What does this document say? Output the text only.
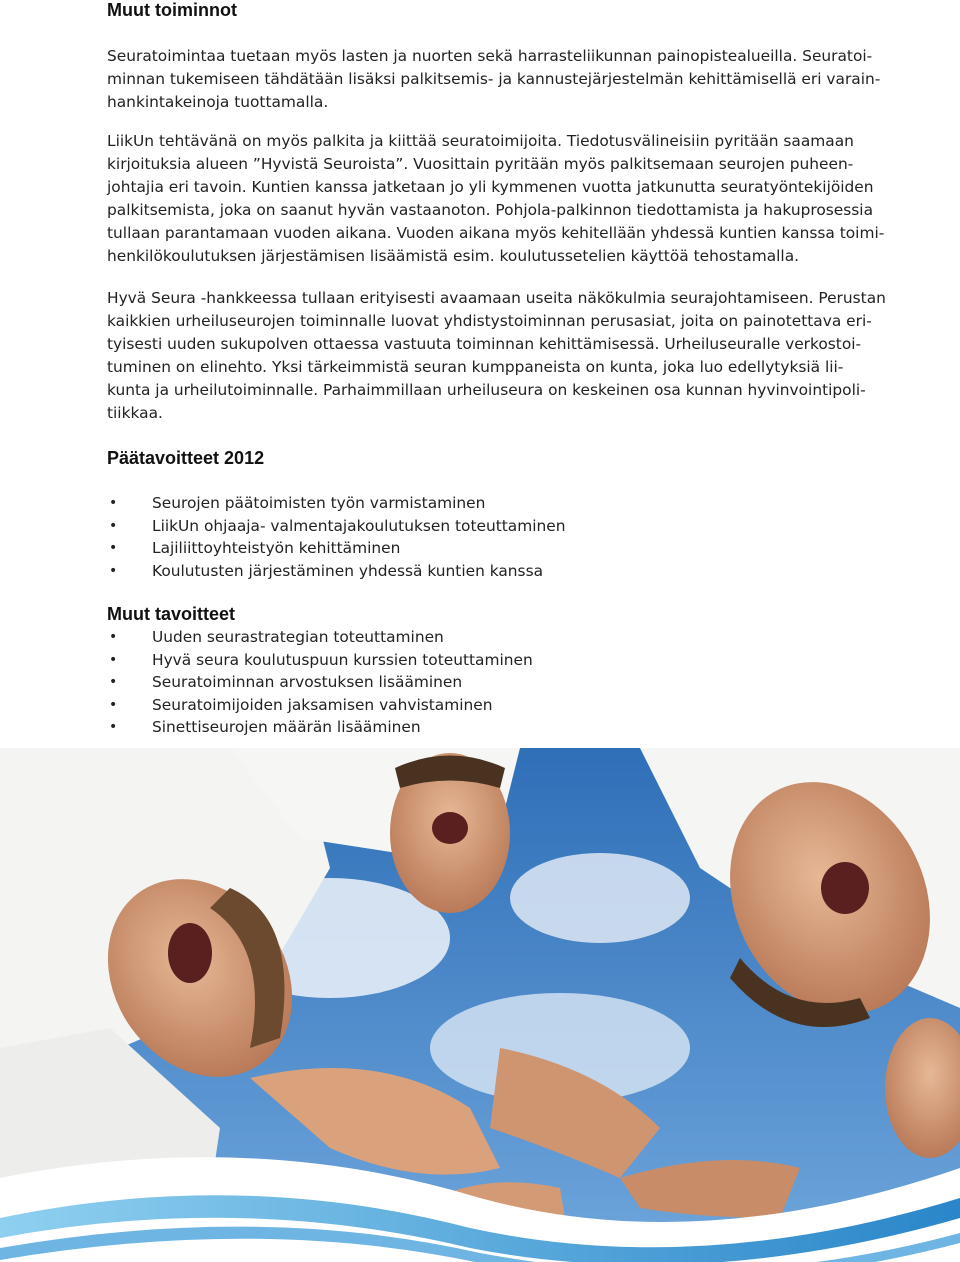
Muut toiminnot

Seuratoimintaa tuetaan myös lasten ja nuorten sekä harrasteliikunnan painopistealueilla. Seuratoi-
minnan tukemiseen tähdätään lisäksi palkitsemis- ja kannustejärjestelmän kehittämisellä eri varain-
hankintakeinoja tuottamalla.

LiikUn tehtävänä on myös palkita ja kiittää seuratoimijoita. Tiedotusvälineisiin pyritään saamaan
kirjoituksia alueen ”Hyvistä Seuroista”. Vuosittain pyritään myös palkitsemaan seurojen puheen-
johtajia eri tavoin. Kuntien kanssa jatketaan jo yli kymmenen vuotta jatkunutta seuratyöntekijöiden
palkitsemista, joka on saanut hyvän vastaanoton. Pohjola-palkinnon tiedottamista ja hakuprosessia
tullaan parantamaan vuoden aikana. Vuoden aikana myös kehitellään yhdessä kuntien kanssa toimi-
henkilökoulutuksen järjestämisen lisäämistä esim. koulutussetelien käyttöä tehostamalla.

Hyvä Seura -hankkeessa tullaan erityisesti avaamaan useita näkökulmia seurajohtamiseen. Perustan
kaikkien urheiluseurojen toiminnalle luovat yhdistystoiminnan perusasiat, joita on painotettava eri-
tyisesti uuden sukupolven ottaessa vastuuta toiminnan kehittämisessä. Urheiluseuralle verkostoi-
tuminen on elinehto. Yksi tärkeimmistä seuran kumppaneista on kunta, joka luo edellytyksiä lii-
kunta ja urheilutoiminnalle. Parhaimmillaan urheiluseura on keskeinen osa kunnan hyvinvointipoli-
tiikkaa.

Päätavoitteet 2012
• Seurojen päätoimisten työn varmistaminen
• LiikUn ohjaaja- valmentajakoulutuksen toteuttaminen
• Lajiliittoyhteistyön kehittäminen
• Koulutusten järjestäminen yhdessä kuntien kanssa
Muut tavoitteet
• Uuden seurastrategian toteuttaminen
• Hyvä seura koulutuspuun kurssien toteuttaminen
• Seuratoiminnan arvostuksen lisääminen
• Seuratoimijoiden jaksamisen vahvistaminen
• Sinettiseurojen määrän lisääminen
